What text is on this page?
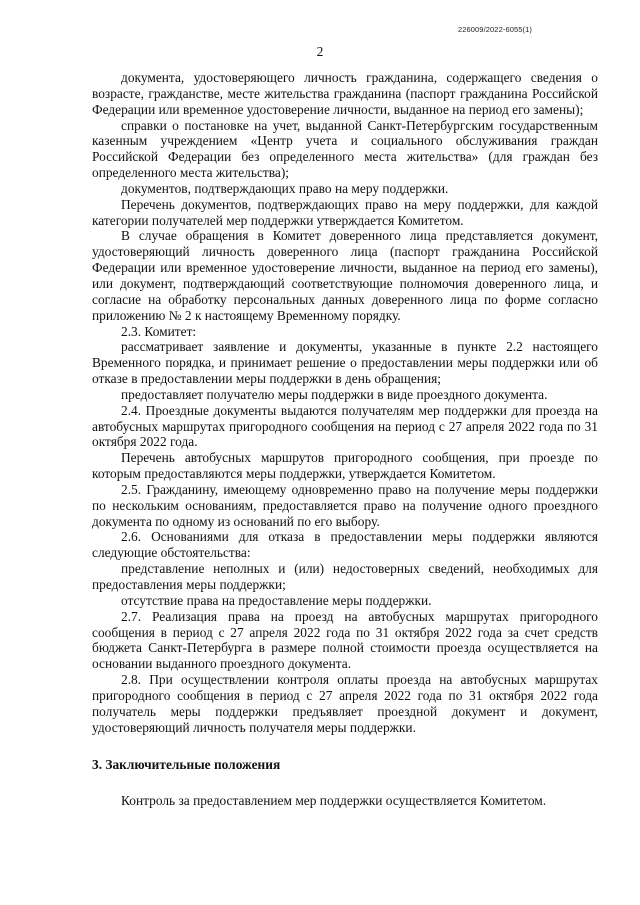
226009/2022-6055(1)
2

документа, удостоверяющего личность гражданина, содержащего сведения о возрасте, гражданстве, месте жительства гражданина (паспорт гражданина Российской Федерации или временное удостоверение личности, выданное на период его замены);

справки о постановке на учет, выданной Санкт-Петербургским государственным казенным учреждением «Центр учета и социального обслуживания граждан Российской Федерации без определенного места жительства» (для граждан без определенного места жительства);

документов, подтверждающих право на меру поддержки.

Перечень документов, подтверждающих право на меру поддержки, для каждой категории получателей мер поддержки утверждается Комитетом.

В случае обращения в Комитет доверенного лица представляется документ, удостоверяющий личность доверенного лица (паспорт гражданина Российской Федерации или временное удостоверение личности, выданное на период его замены), или документ, подтверждающий соответствующие полномочия доверенного лица, и согласие на обработку персональных данных доверенного лица по форме согласно приложению № 2 к настоящему Временному порядку.

2.3. Комитет:

рассматривает заявление и документы, указанные в пункте 2.2 настоящего Временного порядка, и принимает решение о предоставлении меры поддержки или об отказе в предоставлении меры поддержки в день обращения;

предоставляет получателю меры поддержки в виде проездного документа.

2.4. Проездные документы выдаются получателям мер поддержки для проезда на автобусных маршрутах пригородного сообщения на период с 27 апреля 2022 года по 31 октября 2022 года.

Перечень автобусных маршрутов пригородного сообщения, при проезде по которым предоставляются меры поддержки, утверждается Комитетом.

2.5. Гражданину, имеющему одновременно право на получение меры поддержки по нескольким основаниям, предоставляется право на получение одного проездного документа по одному из оснований по его выбору.

2.6. Основаниями для отказа в предоставлении меры поддержки являются следующие обстоятельства:

представление неполных и (или) недостоверных сведений, необходимых для предоставления меры поддержки;

отсутствие права на предоставление меры поддержки.

2.7. Реализация права на проезд на автобусных маршрутах пригородного сообщения в период с 27 апреля 2022 года по 31 октября 2022 года за счет средств бюджета Санкт-Петербурга в размере полной стоимости проезда осуществляется на основании выданного проездного документа.

2.8. При осуществлении контроля оплаты проезда на автобусных маршрутах пригородного сообщения в период с 27 апреля 2022 года по 31 октября 2022 года получатель меры поддержки предъявляет проездной документ и документ, удостоверяющий личность получателя меры поддержки.

3. Заключительные положения

Контроль за предоставлением мер поддержки осуществляется Комитетом.
